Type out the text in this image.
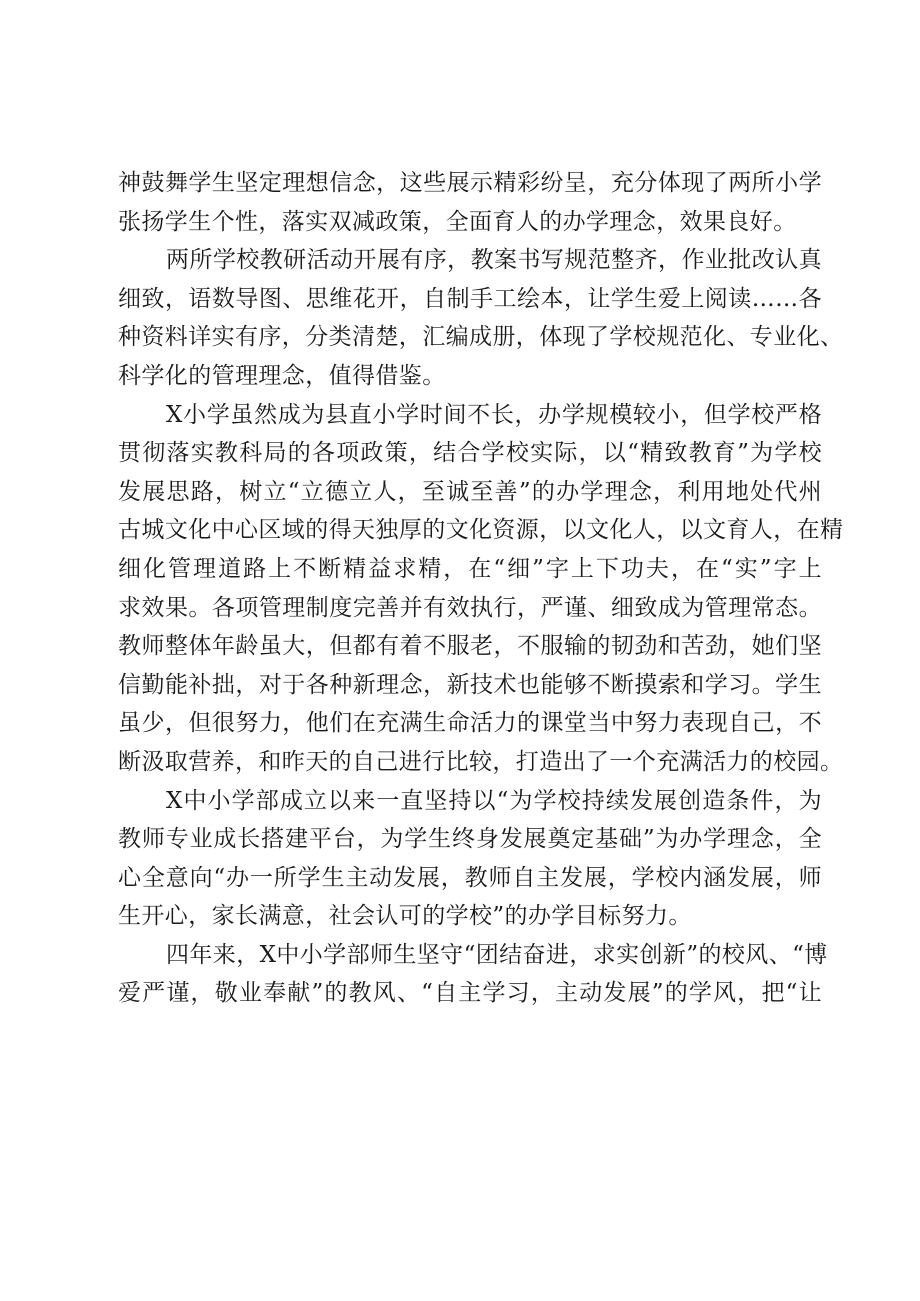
神鼓舞学生坚定理想信念，这些展示精彩纷呈，充分体现了两所小学
张扬学生个性，落实双减政策，全面育人的办学理念，效果良好。
两所学校教研活动开展有序，教案书写规范整齐，作业批改认真
细致，语数导图、思维花开，自制手工绘本，让学生爱上阅读……各
种资料详实有序，分类清楚，汇编成册，体现了学校规范化、专业化、
科学化的管理理念，值得借鉴。
X小学虽然成为县直小学时间不长，办学规模较小，但学校严格
贯彻落实教科局的各项政策，结合学校实际，以“精致教育”为学校
发展思路，树立“立德立人，至诚至善”的办学理念，利用地处代州
古城文化中心区域的得天独厚的文化资源，以文化人，以文育人，在精
细化管理道路上不断精益求精，在“细”字上下功夫，在“实”字上
求效果。各项管理制度完善并有效执行，严谨、细致成为管理常态。
教师整体年龄虽大，但都有着不服老，不服输的韧劲和苦劲，她们坚
信勤能补拙，对于各种新理念，新技术也能够不断摸索和学习。学生
虽少，但很努力，他们在充满生命活力的课堂当中努力表现自己，不
断汲取营养，和昨天的自己进行比较，打造出了一个充满活力的校园。
X中小学部成立以来一直坚持以“为学校持续发展创造条件，为
教师专业成长搭建平台，为学生终身发展奠定基础”为办学理念，全
心全意向“办一所学生主动发展，教师自主发展，学校内涵发展，师
生开心，家长满意，社会认可的学校”的办学目标努力。
四年来，X中小学部师生坚守“团结奋进，求实创新”的校风、“博
爱严谨，敬业奉献”的教风、“自主学习，主动发展”的学风，把“让
